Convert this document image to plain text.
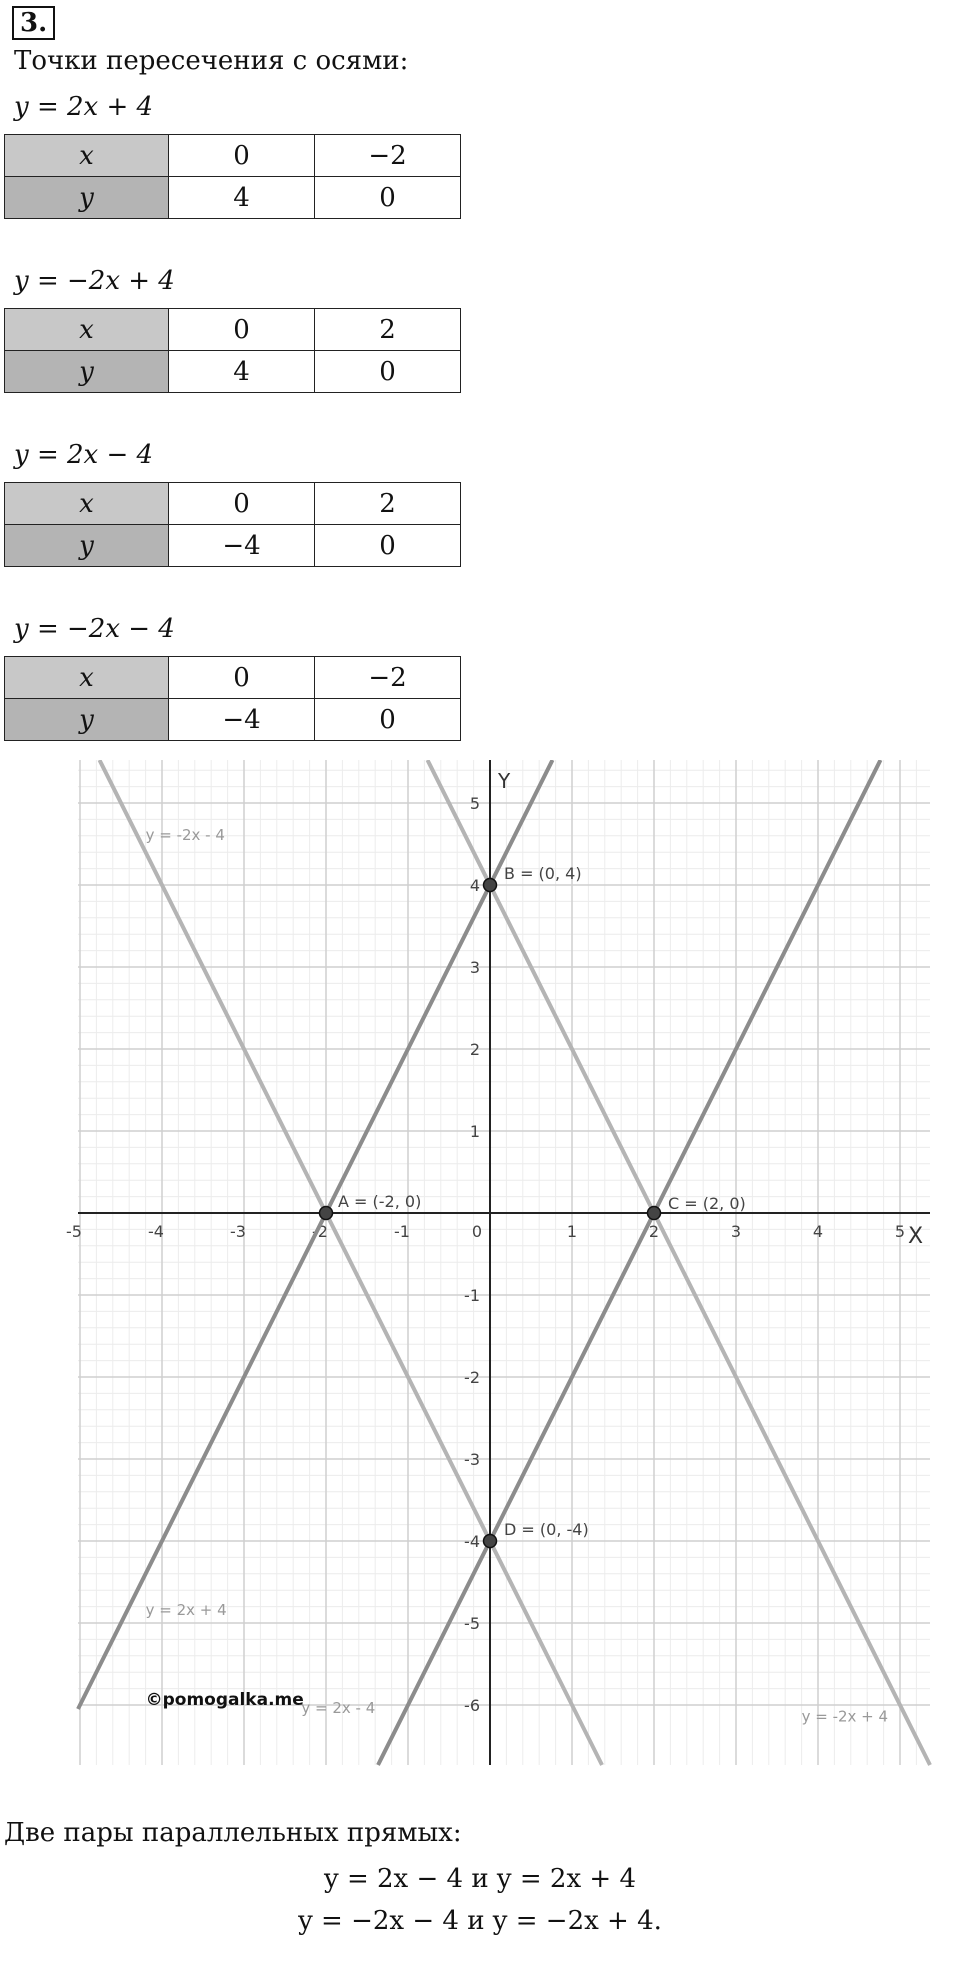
3.
Точки пересечения с осями:
y = 2x + 4
x	0	−2
y	4	0
y = −2x + 4
x	0	2
y	4	0
y = 2x − 4
x	0	2
y	−4	0
y = −2x − 4
x	0	−2
y	−4	0
-5	-4	-3	-2	-1	0	1	2	3	4	5
-6
-5
-4
-3
-2
-1
1
2
3
4
5
X
Y
y = 2x + 4
y = -2x + 4
y = 2x - 4
y = -2x - 4
A = (-2, 0)
B = (0, 4)
C = (2, 0)
D = (0, -4)
©pomogalka.me
Две пары параллельных прямых:
y = 2x − 4 и y = 2x + 4
y = −2x − 4 и y = −2x + 4.
